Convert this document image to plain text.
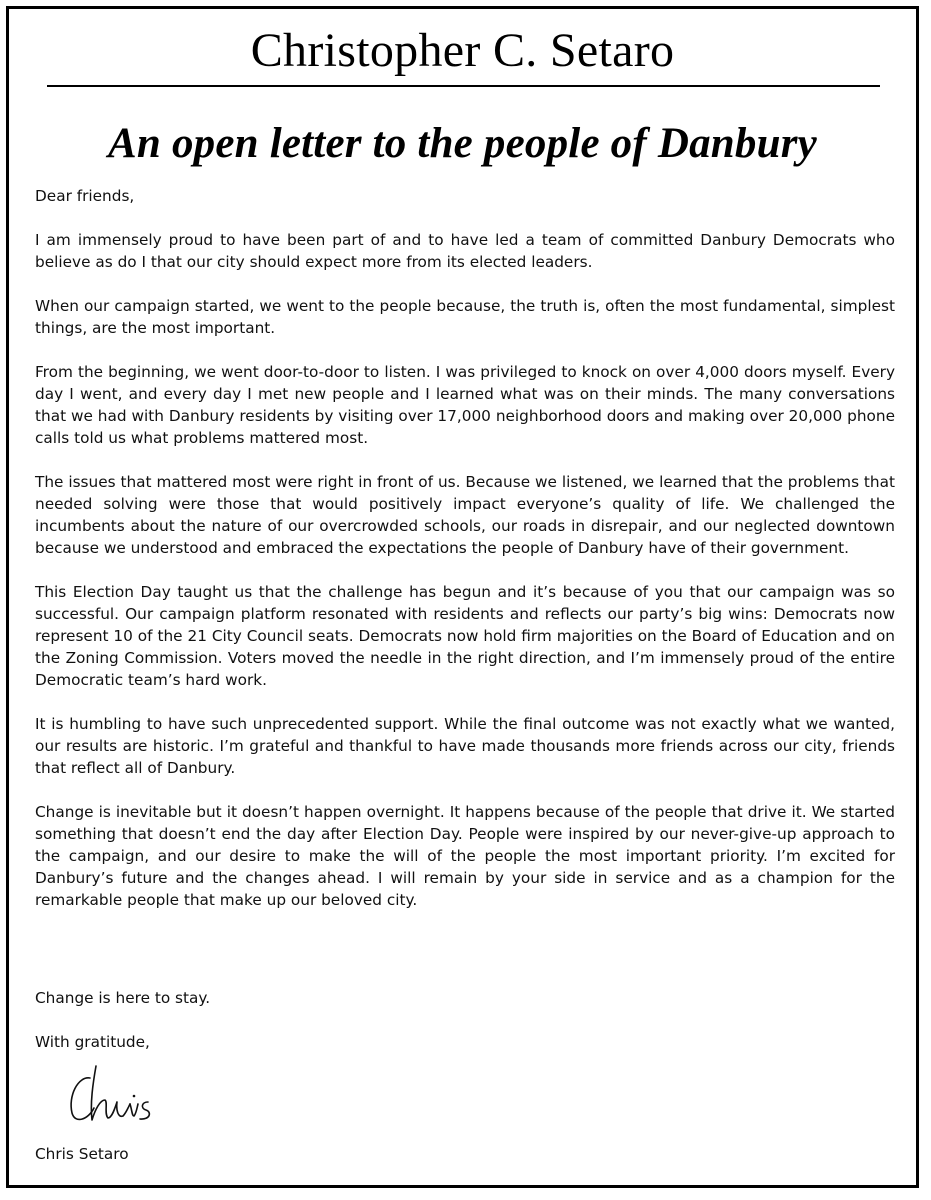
Christopher C. Setaro
An open letter to the people of Danbury

Dear friends,

I am immensely proud to have been part of and to have led a team of committed Danbury Democrats who believe as do I that our city should expect more from its elected leaders.

When our campaign started, we went to the people because, the truth is, often the most fundamental, simplest things, are the most important.

From the beginning, we went door-to-door to listen. I was privileged to knock on over 4,000 doors myself. Every day I went, and every day I met new people and I learned what was on their minds. The many conversations that we had with Danbury residents by visiting over 17,000 neighborhood doors and making over 20,000 phone calls told us what problems mattered most.

The issues that mattered most were right in front of us. Because we listened, we learned that the problems that needed solving were those that would positively impact everyone’s quality of life. We challenged the incumbents about the nature of our overcrowded schools, our roads in disrepair, and our neglected downtown because we understood and embraced the expectations the people of Danbury have of their government.

This Election Day taught us that the challenge has begun and it’s because of you that our campaign was so successful. Our campaign platform resonated with residents and reflects our party’s big wins: Democrats now represent 10 of the 21 City Council seats. Democrats now hold firm majorities on the Board of Education and on the Zoning Commission. Voters moved the needle in the right direction, and I’m immensely proud of the entire Democratic team’s hard work.

It is humbling to have such unprecedented support. While the final outcome was not exactly what we wanted, our results are historic. I’m grateful and thankful to have made thousands more friends across our city, friends that reflect all of Danbury.

Change is inevitable but it doesn’t happen overnight. It happens because of the people that drive it. We started something that doesn’t end the day after Election Day. People were inspired by our never-give-up approach to the campaign, and our desire to make the will of the people the most important priority. I’m excited for Danbury’s future and the changes ahead. I will remain by your side in service and as a champion for the remarkable people that make up our beloved city.

Change is here to stay.
With gratitude,
Chris Setaro
